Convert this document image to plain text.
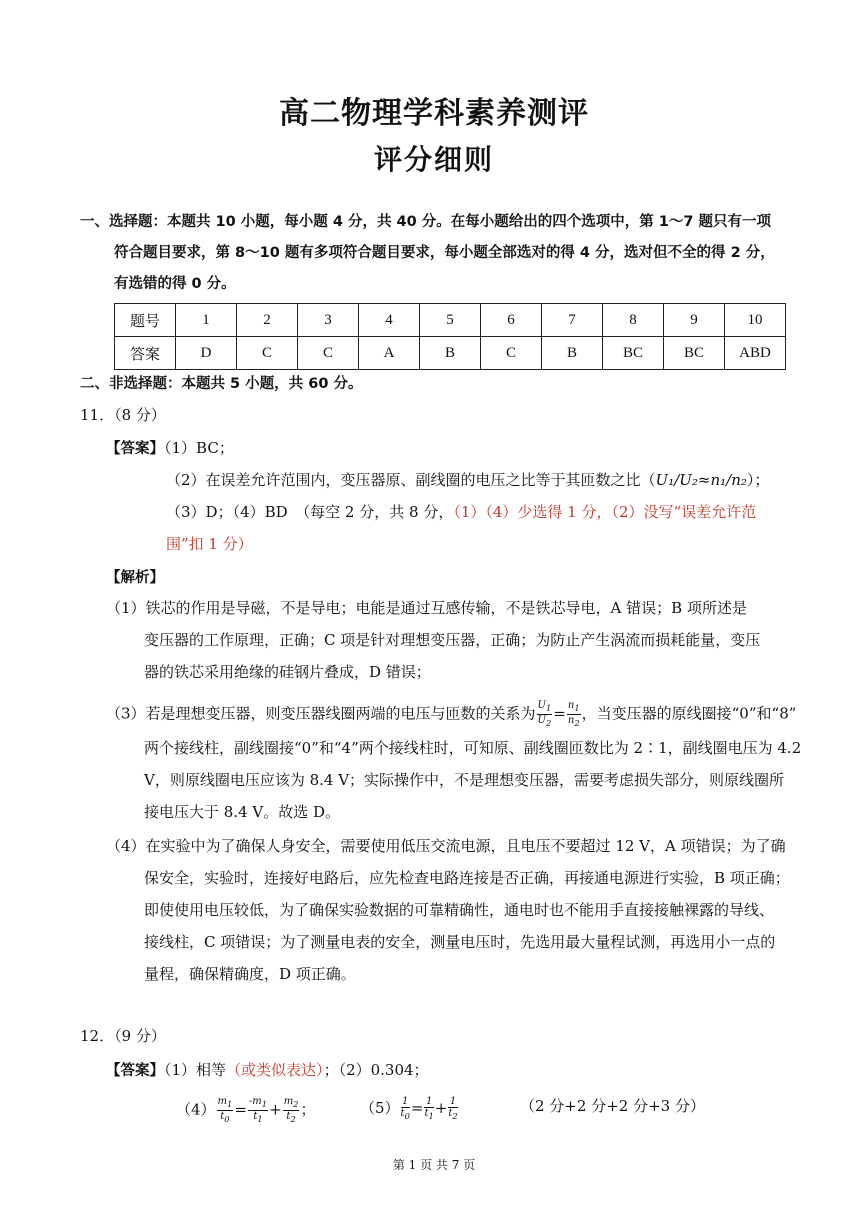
高二物理学科素养测评
评分细则
一、选择题：本题共 10 小题，每小题 4 分，共 40 分。在每小题给出的四个选项中，第 1～7 题只有一项
符合题目要求，第 8～10 题有多项符合题目要求，每小题全部选对的得 4 分，选对但不全的得 2 分，
有选错的得 0 分。
题号	1	2	3	4	5	6	7	8	9	10
答案	D	C	C	A	B	C	B	BC	BC	ABD
二、非选择题：本题共 5 小题，共 60 分。
11．（8 分）
【答案】（1）BC；
（2）在误差允许范围内，变压器原、副线圈的电压之比等于其匝数之比（U₁/U₂≈n₁/n₂）；
（3）D；（4）BD　（每空 2 分，共 8 分，（1）（4）少选得 1 分，（2）没写“误差允许范
围”扣 1 分）
【解析】
（1）铁芯的作用是导磁，不是导电；电能是通过互感传输，不是铁芯导电，A 错误；B 项所述是
变压器的工作原理，正确；C 项是针对理想变压器，正确；为防止产生涡流而损耗能量，变压
器的铁芯采用绝缘的硅钢片叠成，D 错误；
（3）若是理想变压器，则变压器线圈两端的电压与匝数的关系为 $\frac{U_1}{U_2} = \frac{n_1}{n_2}$ ，当变压器的原线圈接“0”和“8”
两个接线柱，副线圈接“0”和“4”两个接线柱时，可知原、副线圈匝数比为 2∶1，副线圈电压为 4.2
V，则原线圈电压应该为 8.4 V；实际操作中，不是理想变压器，需要考虑损失部分，则原线圈所
接电压大于 8.4 V。故选 D。
（4）在实验中为了确保人身安全，需要使用低压交流电源，且电压不要超过 12 V，A 项错误；为了确
保安全，实验时，连接好电路后，应先检查电路连接是否正确，再接通电源进行实验，B 项正确；
即使使用电压较低，为了确保实验数据的可靠精确性，通电时也不能用手直接接触裸露的导线、
接线柱，C 项错误；为了测量电表的安全，测量电压时，先选用最大量程试测，再选用小一点的
量程，确保精确度，D 项正确。
12．（9 分）
【答案】（1）相等（或类似表达）；（2）0.304；
$(4) \frac{m_1}{t_0} = \frac{-m_1}{t_1} + \frac{m_2}{t_2}$ ；	$(5) \frac{1}{t_0} = \frac{1}{t_1} + \frac{1}{t_2}$	（2 分+2 分+2 分+3 分）
第 1 页 共 7 页
